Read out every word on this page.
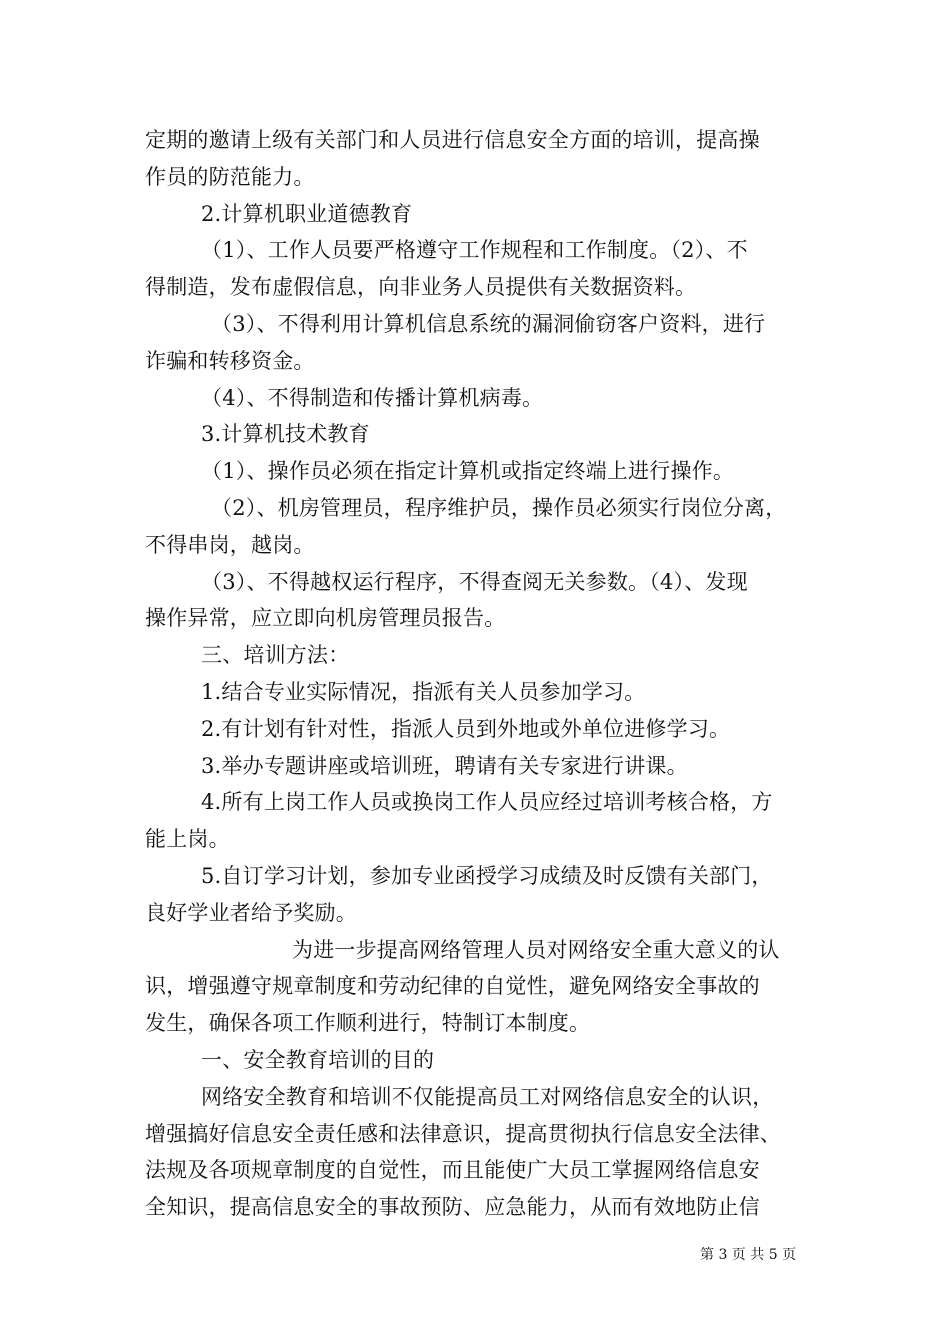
定期的邀请上级有关部门和人员进行信息安全方面的培训，提高操
作员的防范能力。
2.计算机职业道德教育
（1）、工作人员要严格遵守工作规程和工作制度。（2）、不
得制造，发布虚假信息，向非业务人员提供有关数据资料。
（3）、不得利用计算机信息系统的漏洞偷窃客户资料，进行
诈骗和转移资金。
（4）、不得制造和传播计算机病毒。
3.计算机技术教育
（1）、操作员必须在指定计算机或指定终端上进行操作。
（2）、机房管理员，程序维护员，操作员必须实行岗位分离，
不得串岗，越岗。
（3）、不得越权运行程序，不得查阅无关参数。（4）、发现
操作异常，应立即向机房管理员报告。
三、培训方法：
1.结合专业实际情况，指派有关人员参加学习。
2.有计划有针对性，指派人员到外地或外单位进修学习。
3.举办专题讲座或培训班，聘请有关专家进行讲课。
4.所有上岗工作人员或换岗工作人员应经过培训考核合格，方
能上岗。
5.自订学习计划，参加专业函授学习成绩及时反馈有关部门，
良好学业者给予奖励。
为进一步提高网络管理人员对网络安全重大意义的认
识，增强遵守规章制度和劳动纪律的自觉性，避免网络安全事故的
发生，确保各项工作顺利进行，特制订本制度。
一、安全教育培训的目的
网络安全教育和培训不仅能提高员工对网络信息安全的认识，
增强搞好信息安全责任感和法律意识，提高贯彻执行信息安全法律、
法规及各项规章制度的自觉性，而且能使广大员工掌握网络信息安
全知识，提高信息安全的事故预防、应急能力，从而有效地防止信
第 3 页 共 5 页
